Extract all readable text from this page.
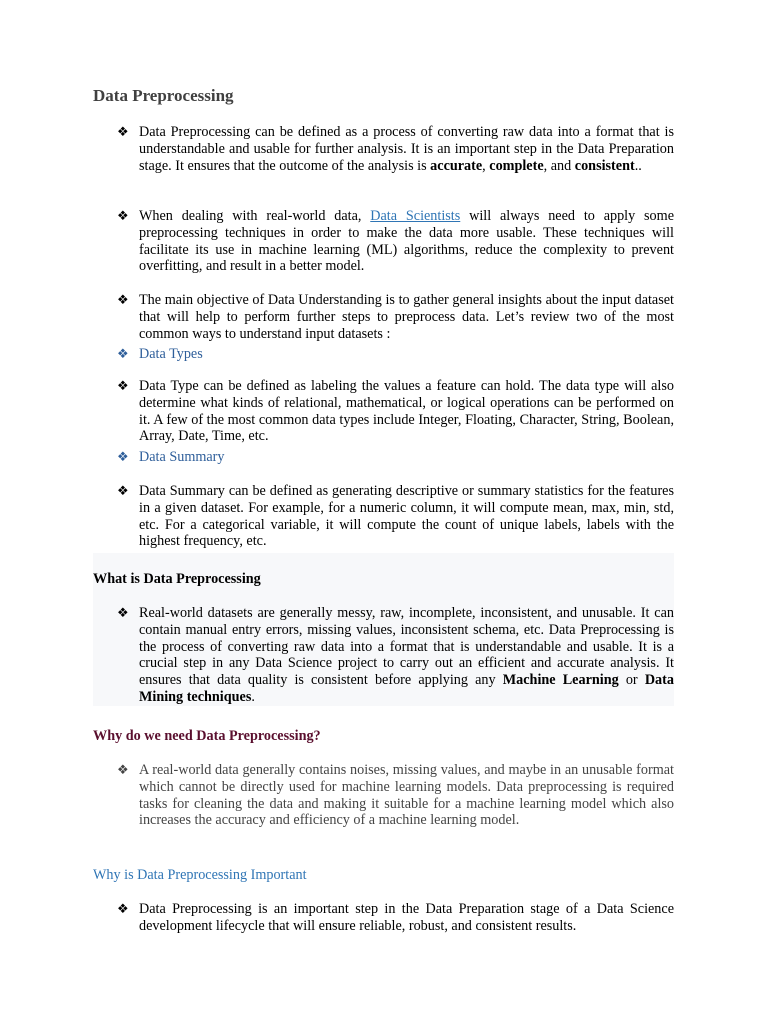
Data Preprocessing
❖ Data Preprocessing can be defined as a process of converting raw data into a format that is understandable and usable for further analysis. It is an important step in the Data Preparation stage. It ensures that the outcome of the analysis is accurate, complete, and consistent..
❖ When dealing with real-world data, Data Scientists will always need to apply some preprocessing techniques in order to make the data more usable. These techniques will facilitate its use in machine learning (ML) algorithms, reduce the complexity to prevent overfitting, and result in a better model.
❖ The main objective of Data Understanding is to gather general insights about the input dataset that will help to perform further steps to preprocess data. Let’s review two of the most common ways to understand input datasets :
❖ Data Types
❖ Data Type can be defined as labeling the values a feature can hold. The data type will also determine what kinds of relational, mathematical, or logical operations can be performed on it. A few of the most common data types include Integer, Floating, Character, String, Boolean, Array, Date, Time, etc.
❖ Data Summary
❖ Data Summary can be defined as generating descriptive or summary statistics for the features in a given dataset. For example, for a numeric column, it will compute mean, max, min, std, etc. For a categorical variable, it will compute the count of unique labels, labels with the highest frequency, etc.
What is Data Preprocessing
❖ Real-world datasets are generally messy, raw, incomplete, inconsistent, and unusable. It can contain manual entry errors, missing values, inconsistent schema, etc. Data Preprocessing is the process of converting raw data into a format that is understandable and usable. It is a crucial step in any Data Science project to carry out an efficient and accurate analysis. It ensures that data quality is consistent before applying any Machine Learning or Data Mining techniques.
Why do we need Data Preprocessing?
❖ A real-world data generally contains noises, missing values, and maybe in an unusable format which cannot be directly used for machine learning models. Data preprocessing is required tasks for cleaning the data and making it suitable for a machine learning model which also increases the accuracy and efficiency of a machine learning model.
Why is Data Preprocessing Important
❖ Data Preprocessing is an important step in the Data Preparation stage of a Data Science development lifecycle that will ensure reliable, robust, and consistent results.
